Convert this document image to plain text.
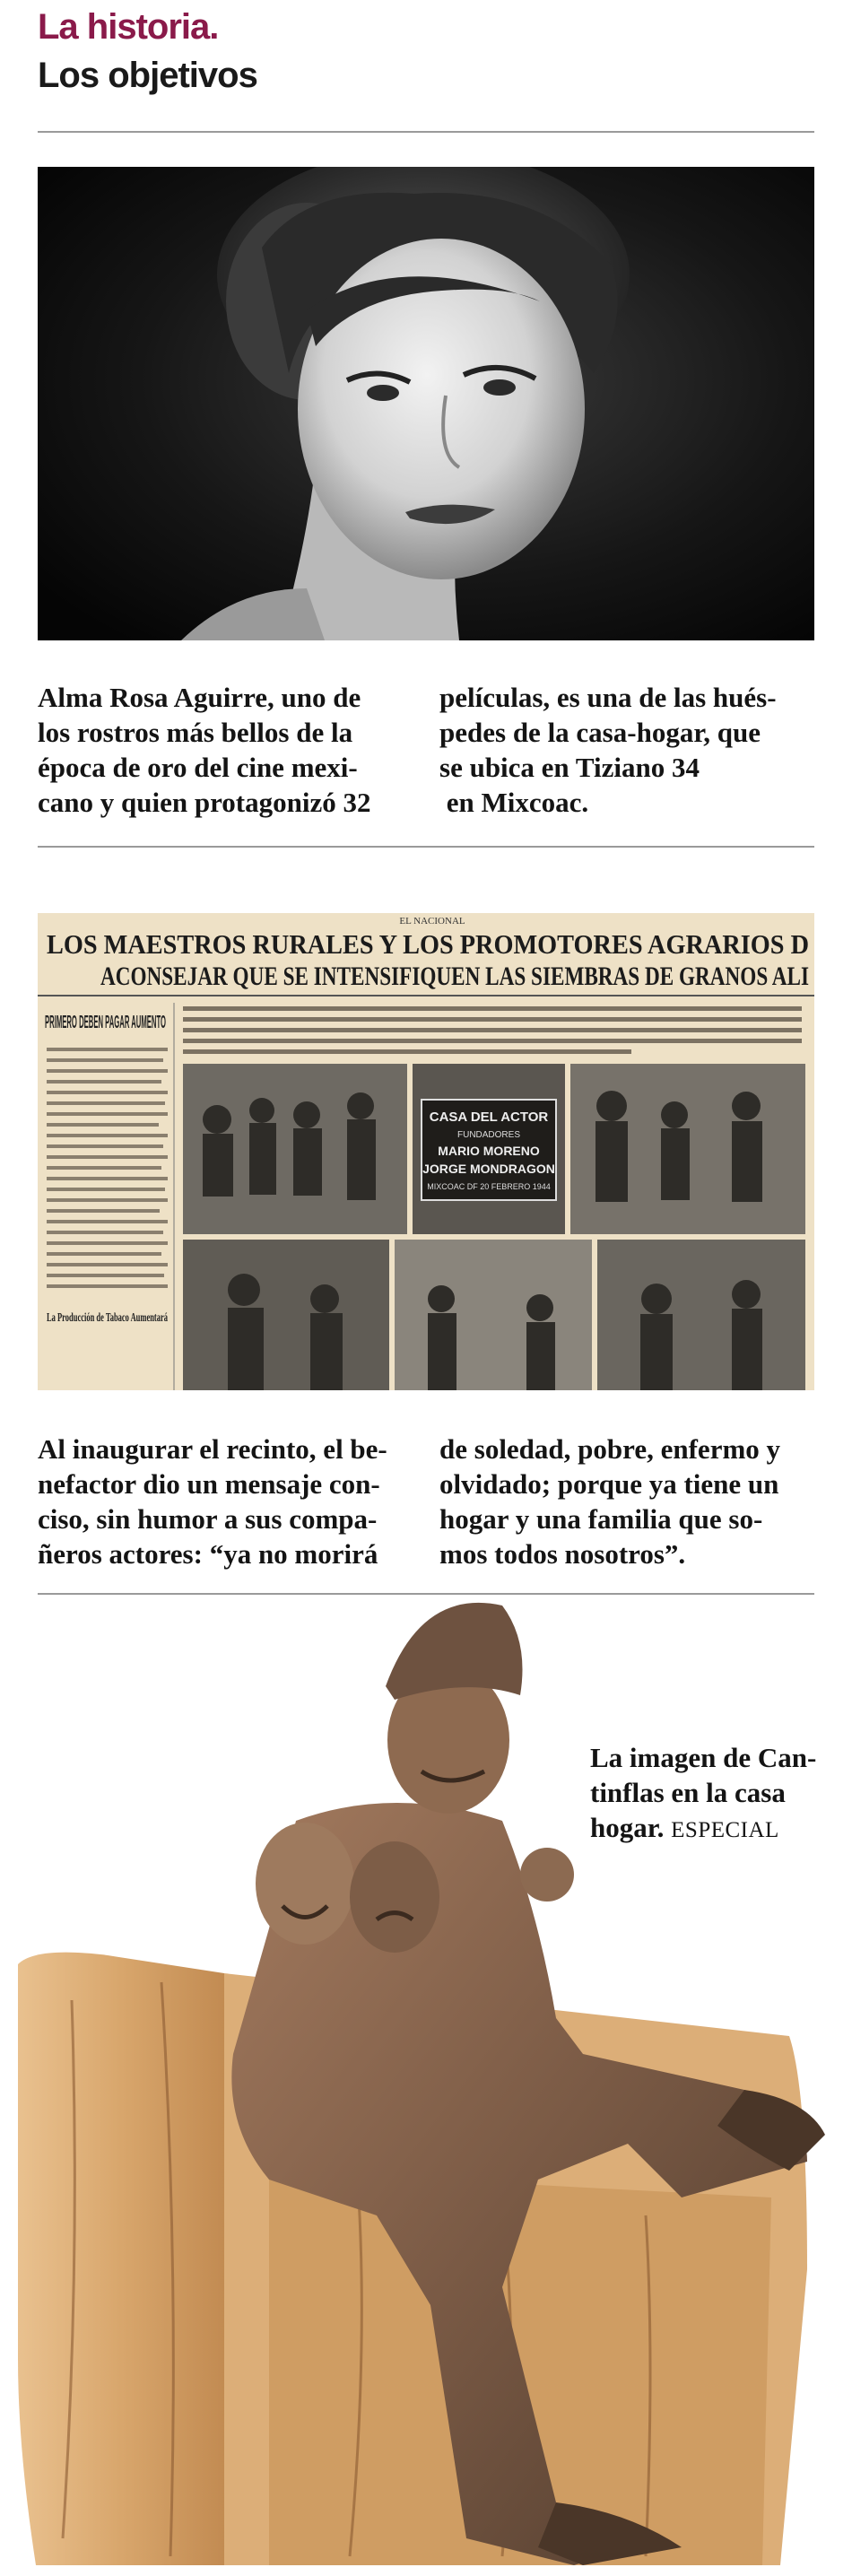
La historia.
Los objetivos

Alma Rosa Aguirre, uno de

los rostros más bellos de la

época de oro del cine mexi-

cano y quien protagonizó 32

películas, es una de las hués-

pedes de la casa-hogar, que

se ubica en Tiziano 34

en Mixcoac.

EL NACIONAL
LOS MAESTROS RURALES Y LOS PROMOTORES AGRARIOS D
ACONSEJAR QUE SE INTENSIFIQUEN LAS SIEMBRAS DE GRANOS ALI
PRIMERO DEBEN PAGAR AUMENTO
La Producción de Tabaco Aumentará
CASA DEL ACTOR
FUNDADORES
MARIO MORENO
JORGE MONDRAGON
MIXCOAC DF 20 FEBRERO 1944

Al inaugurar el recinto, el be-

nefactor dio un mensaje con-

ciso, sin humor a sus compa-

ñeros actores: “ya no morirá

de soledad, pobre, enfermo y

olvidado; porque ya tiene un

hogar y una familia que so-

mos todos nosotros”.

La imagen de Can-
tinflas en la casa
hogar. ESPECIAL
